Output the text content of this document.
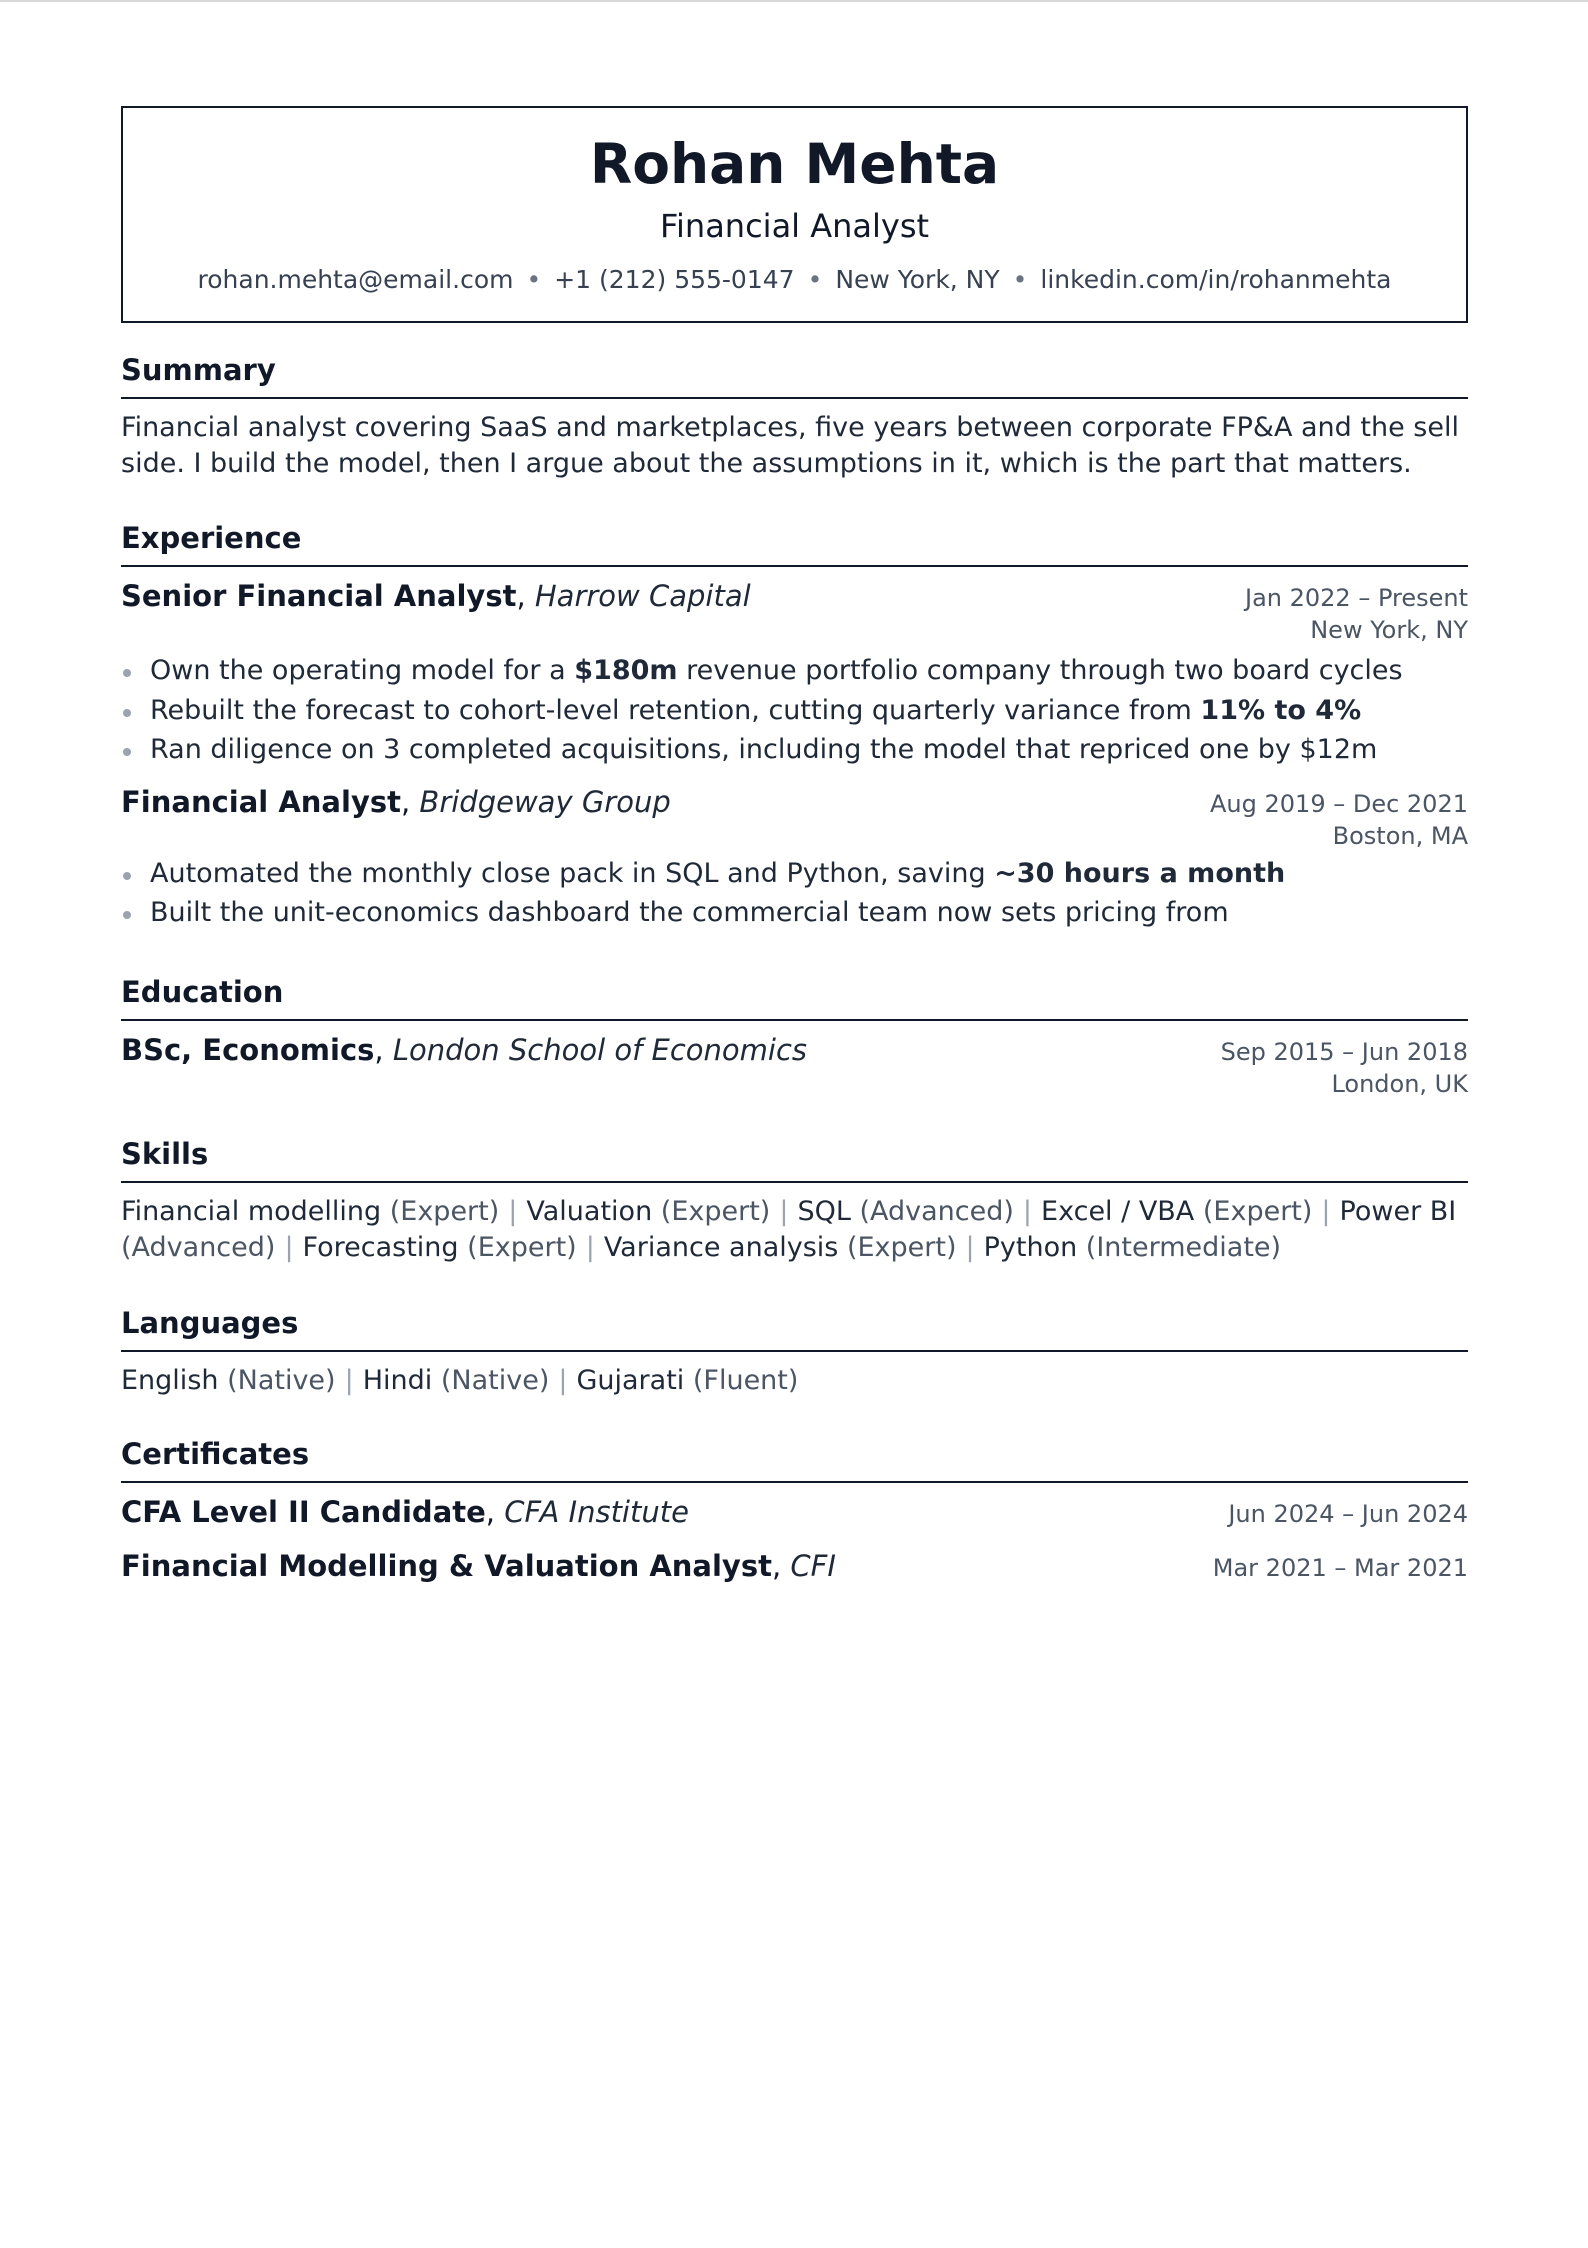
Rohan Mehta
Financial Analyst
rohan.mehta@email.com • +1 (212) 555-0147 • New York, NY • linkedin.com/in/rohanmehta
Summary
Financial analyst covering SaaS and marketplaces, five years between corporate FP&A and the sell side. I build the model, then I argue about the assumptions in it, which is the part that matters.
Experience
Senior Financial Analyst, Harrow Capital	Jan 2022 – Present
New York, NY
Own the operating model for a $180m revenue portfolio company through two board cycles
Rebuilt the forecast to cohort-level retention, cutting quarterly variance from 11% to 4%
Ran diligence on 3 completed acquisitions, including the model that repriced one by $12m
Financial Analyst, Bridgeway Group	Aug 2019 – Dec 2021
Boston, MA
Automated the monthly close pack in SQL and Python, saving ~30 hours a month
Built the unit-economics dashboard the commercial team now sets pricing from
Education
BSc, Economics, London School of Economics	Sep 2015 – Jun 2018
London, UK
Skills
Financial modelling (Expert) | Valuation (Expert) | SQL (Advanced) | Excel / VBA (Expert) | Power BI (Advanced) | Forecasting (Expert) | Variance analysis (Expert) | Python (Intermediate)
Languages
English (Native) | Hindi (Native) | Gujarati (Fluent)
Certificates
CFA Level II Candidate, CFA Institute	Jun 2024 – Jun 2024
Financial Modelling & Valuation Analyst, CFI	Mar 2021 – Mar 2021
